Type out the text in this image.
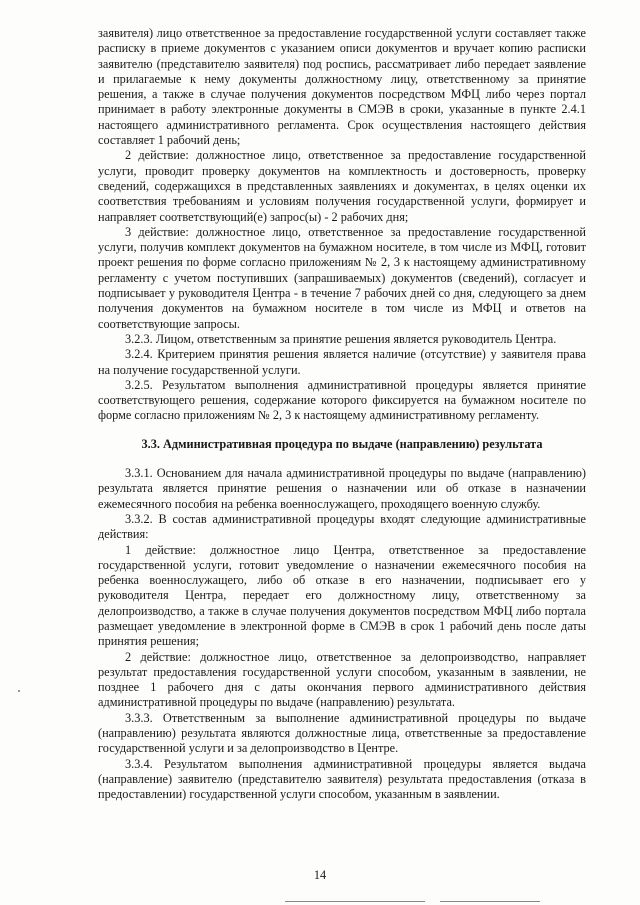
заявителя) лицо ответственное за предоставление государственной услуги составляет также расписку в приеме документов с указанием описи документов и вручает копию расписки заявителю (представителю заявителя) под роспись, рассматривает либо передает заявление и прилагаемые к нему документы должностному лицу, ответственному за принятие решения, а также в случае получения документов посредством МФЦ либо через портал принимает в работу электронные документы в СМЭВ в сроки, указанные в пункте 2.4.1 настоящего административного регламента. Срок осуществления настоящего действия составляет 1 рабочий день;

2 действие: должностное лицо, ответственное за предоставление государственной услуги, проводит проверку документов на комплектность и достоверность, проверку сведений, содержащихся в представленных заявлениях и документах, в целях оценки их соответствия требованиям и условиям получения государственной услуги, формирует и направляет соответствующий(е) запрос(ы) - 2 рабочих дня;

3 действие: должностное лицо, ответственное за предоставление государственной услуги, получив комплект документов на бумажном носителе, в том числе из МФЦ, готовит проект решения по форме согласно приложениям № 2, 3 к настоящему административному регламенту с учетом поступивших (запрашиваемых) документов (сведений), согласует и подписывает у руководителя Центра - в течение 7 рабочих дней со дня, следующего за днем получения документов на бумажном носителе в том числе из МФЦ и ответов на соответствующие запросы.

3.2.3. Лицом, ответственным за принятие решения является руководитель Центра.

3.2.4. Критерием принятия решения является наличие (отсутствие) у заявителя права на получение государственной услуги.

3.2.5. Результатом выполнения административной процедуры является принятие соответствующего решения, содержание которого фиксируется на бумажном носителе по форме согласно приложениям № 2, 3 к настоящему административному регламенту.

3.3. Административная процедура по выдаче (направлению) результата

3.3.1. Основанием для начала административной процедуры по выдаче (направлению) результата является принятие решения о назначении или об отказе в назначении ежемесячного пособия на ребенка военнослужащего, проходящего военную службу.

3.3.2. В состав административной процедуры входят следующие административные действия:

1 действие: должностное лицо Центра, ответственное за предоставление государственной услуги, готовит уведомление о назначении ежемесячного пособия на ребенка военнослужащего, либо об отказе в его назначении, подписывает его у руководителя Центра, передает его должностному лицу, ответственному за делопроизводство, а также в случае получения документов посредством МФЦ либо портала размещает уведомление в электронной форме в СМЭВ в срок 1 рабочий день после даты принятия решения;

2 действие: должностное лицо, ответственное за делопроизводство, направляет результат предоставления государственной услуги способом, указанным в заявлении, не позднее 1 рабочего дня с даты окончания первого административного действия административной процедуры по выдаче (направлению) результата.

3.3.3. Ответственным за выполнение административной процедуры по выдаче (направлению) результата являются должностные лица, ответственные за предоставление государственной услуги и за делопроизводство в Центре.

3.3.4. Результатом выполнения административной процедуры является выдача (направление) заявителю (представителю заявителя) результата предоставления (отказа в предоставлении) государственной услуги способом, указанным в заявлении.

14
